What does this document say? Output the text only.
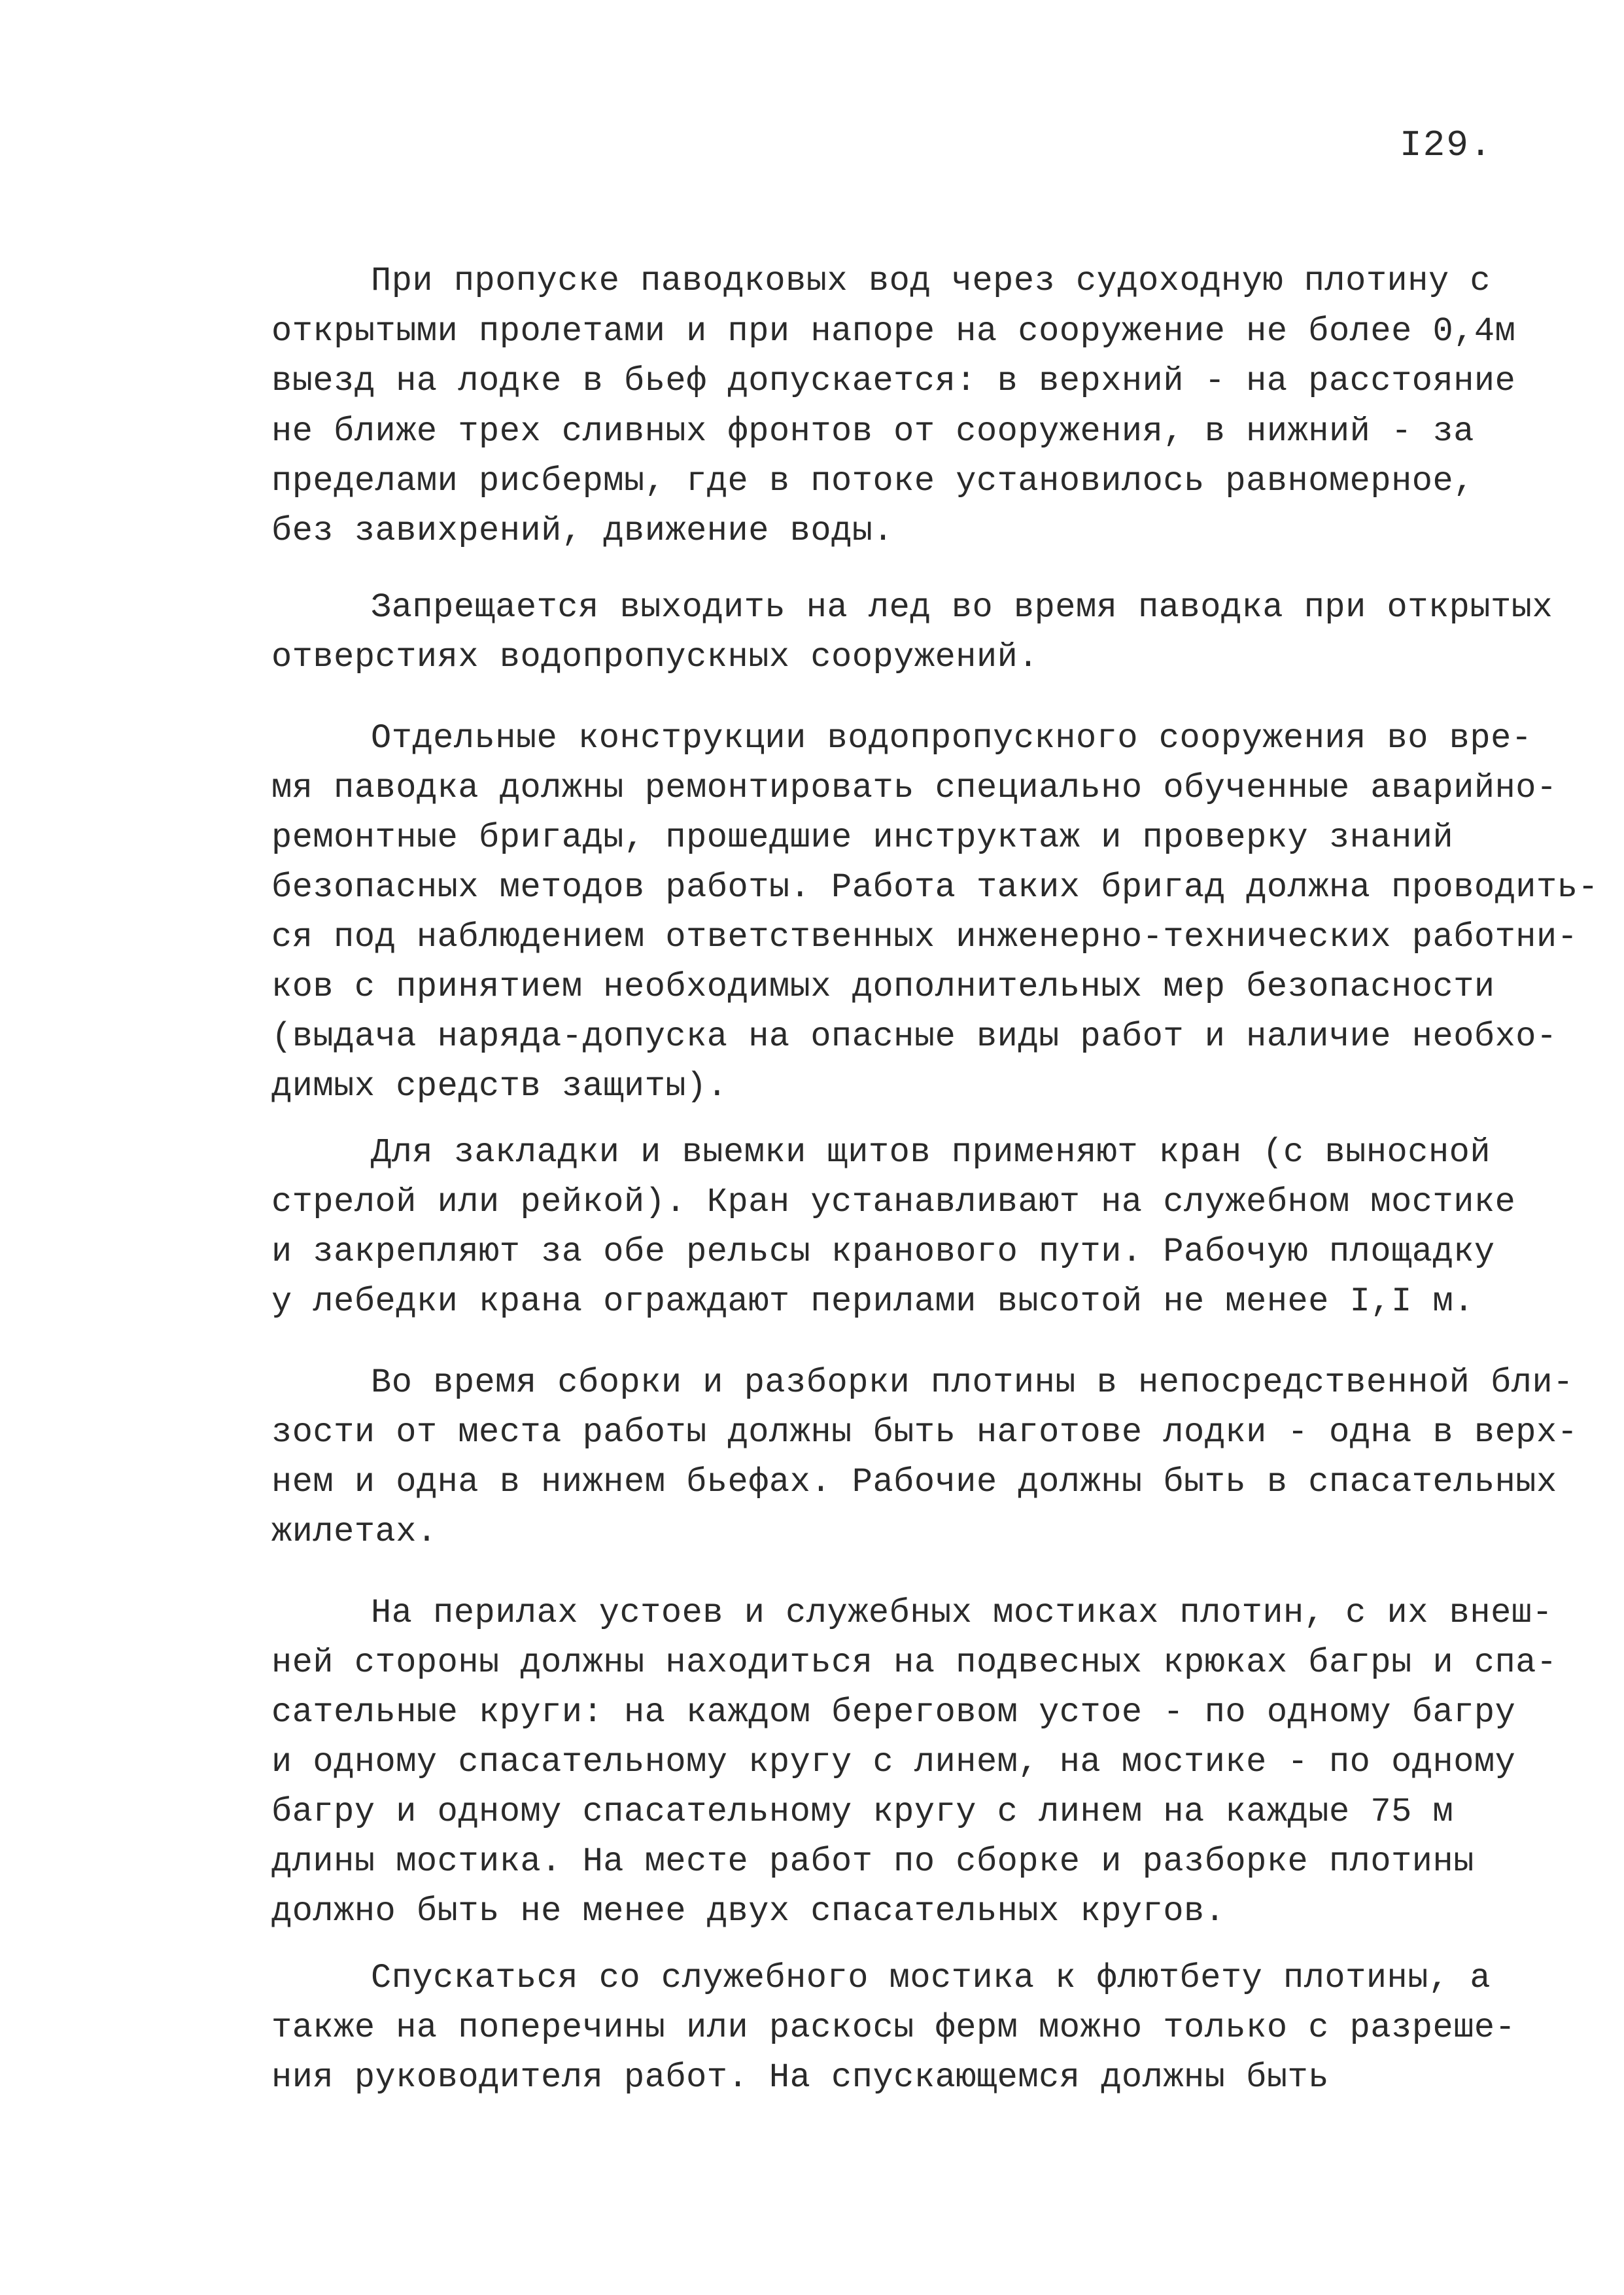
I29.
При пропуске паводковых вод через судоходную плотину с
открытыми пролетами и при напоре на сооружение не более 0,4м
выезд на лодке в бьеф допускается: в верхний - на расстояние
не ближе трех сливных фронтов от сооружения, в нижний - за
пределами рисбермы, где в потоке установилось равномерное,
без завихрений, движение воды.
Запрещается выходить на лед во время паводка при открытых
отверстиях водопропускных сооружений.
Отдельные конструкции водопропускного сооружения во вре-
мя паводка должны ремонтировать специально обученные аварийно-
ремонтные бригады, прошедшие инструктаж и проверку знаний
безопасных методов работы. Работа таких бригад должна проводить-
ся под наблюдением ответственных инженерно-технических работни-
ков с принятием необходимых дополнительных мер безопасности
(выдача наряда-допуска на опасные виды работ и наличие необхо-
димых средств защиты).
Для закладки и выемки щитов применяют кран (с выносной
стрелой или рейкой). Кран устанавливают на служебном мостике
и закрепляют за обе рельсы кранового пути. Рабочую площадку
у лебедки крана ограждают перилами высотой не менее I,I м.
Во время сборки и разборки плотины в непосредственной бли-
зости от места работы должны быть наготове лодки - одна в верх-
нем и одна в нижнем бьефах. Рабочие должны быть в спасательных
жилетах.
На перилах устоев и служебных мостиках плотин, с их внеш-
ней стороны должны находиться на подвесных крюках багры и спа-
сательные круги: на каждом береговом устое - по одному багру
и одному спасательному кругу с линем, на мостике - по одному
багру и одному спасательному кругу с линем на каждые 75 м
длины мостика. На месте работ по сборке и разборке плотины
должно быть не менее двух спасательных кругов.
Спускаться со служебного мостика к флютбету плотины, а
также на поперечины или раскосы ферм можно только с разреше-
ния руководителя работ. На спускающемся должны быть
